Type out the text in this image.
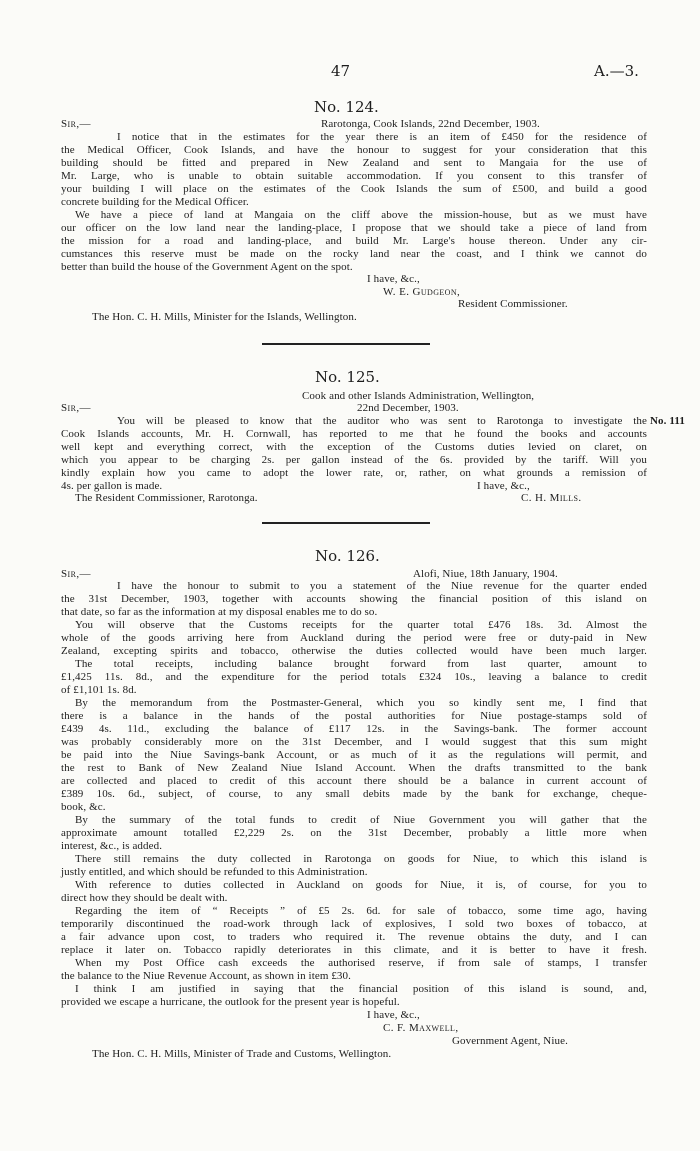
47	A.—3.
No. 124.
Sir,—	Rarotonga, Cook Islands, 22nd December, 1903.
I notice that in the estimates for the year there is an item of £450 for the residence of
the Medical Officer, Cook Islands, and have the honour to suggest for your consideration that this
building should be fitted and prepared in New Zealand and sent to Mangaia for the use of
Mr. Large, who is unable to obtain suitable accommodation. If you consent to this transfer of
your building I will place on the estimates of the Cook Islands the sum of £500, and build a good
concrete building for the Medical Officer.
We have a piece of land at Mangaia on the cliff above the mission-house, but as we must have
our officer on the low land near the landing-place, I propose that we should take a piece of land from
the mission for a road and landing-place, and build Mr. Large's house thereon. Under any cir-
cumstances this reserve must be made on the rocky land near the coast, and I think we cannot do
better than build the house of the Government Agent on the spot.
I have, &c.,
W. E. Gudgeon,
Resident Commissioner.
The Hon. C. H. Mills, Minister for the Islands, Wellington.
No. 125.
Cook and other Islands Administration, Wellington,
Sir,—	22nd December, 1903.
You will be pleased to know that the auditor who was sent to Rarotonga to investigate the No. 111
Cook Islands accounts, Mr. H. Cornwall, has reported to me that he found the books and accounts
well kept and everything correct, with the exception of the Customs duties levied on claret, on
which you appear to be charging 2s. per gallon instead of the 6s. provided by the tariff. Will you
kindly explain how you came to adopt the lower rate, or, rather, on what grounds a remission of
4s. per gallon is made.	I have, &c.,
The Resident Commissioner, Rarotonga.	C. H. Mills.
No. 126.
Sir,—	Alofi, Niue, 18th January, 1904.
I have the honour to submit to you a statement of the Niue revenue for the quarter ended
the 31st December, 1903, together with accounts showing the financial position of this island on
that date, so far as the information at my disposal enables me to do so.
You will observe that the Customs receipts for the quarter total £476 18s. 3d. Almost the
whole of the goods arriving here from Auckland during the period were free or duty-paid in New
Zealand, excepting spirits and tobacco, otherwise the duties collected would have been much larger.
The total receipts, including balance brought forward from last quarter, amount to
£1,425 11s. 8d., and the expenditure for the period totals £324 10s., leaving a balance to credit
of £1,101 1s. 8d.
By the memorandum from the Postmaster-General, which you so kindly sent me, I find that
there is a balance in the hands of the postal authorities for Niue postage-stamps sold of
£439 4s. 11d., excluding the balance of £117 12s. in the Savings-bank. The former account
was probably considerably more on the 31st December, and I would suggest that this sum might
be paid into the Niue Savings-bank Account, or as much of it as the regulations will permit, and
the rest to Bank of New Zealand Niue Island Account. When the drafts transmitted to the bank
are collected and placed to credit of this account there should be a balance in current account of
£389 10s. 6d., subject, of course, to any small debits made by the bank for exchange, cheque-
book, &c.
By the summary of the total funds to credit of Niue Government you will gather that the
approximate amount totalled £2,229 2s. on the 31st December, probably a little more when
interest, &c., is added.
There still remains the duty collected in Rarotonga on goods for Niue, to which this island is
justly entitled, and which should be refunded to this Administration.
With reference to duties collected in Auckland on goods for Niue, it is, of course, for you to
direct how they should be dealt with.
Regarding the item of “ Receipts ” of £5 2s. 6d. for sale of tobacco, some time ago, having
temporarily discontinued the road-work through lack of explosives, I sold two boxes of tobacco, at
a fair advance upon cost, to traders who required it. The revenue obtains the duty, and I can
replace it later on. Tobacco rapidly deteriorates in this climate, and it is better to have it fresh.
When my Post Office cash exceeds the authorised reserve, if from sale of stamps, I transfer
the balance to the Niue Revenue Account, as shown in item £30.
I think I am justified in saying that the financial position of this island is sound, and,
provided we escape a hurricane, the outlook for the present year is hopeful.
I have, &c.,
C. F. Maxwell,
Government Agent, Niue.
The Hon. C. H. Mills, Minister of Trade and Customs, Wellington.
